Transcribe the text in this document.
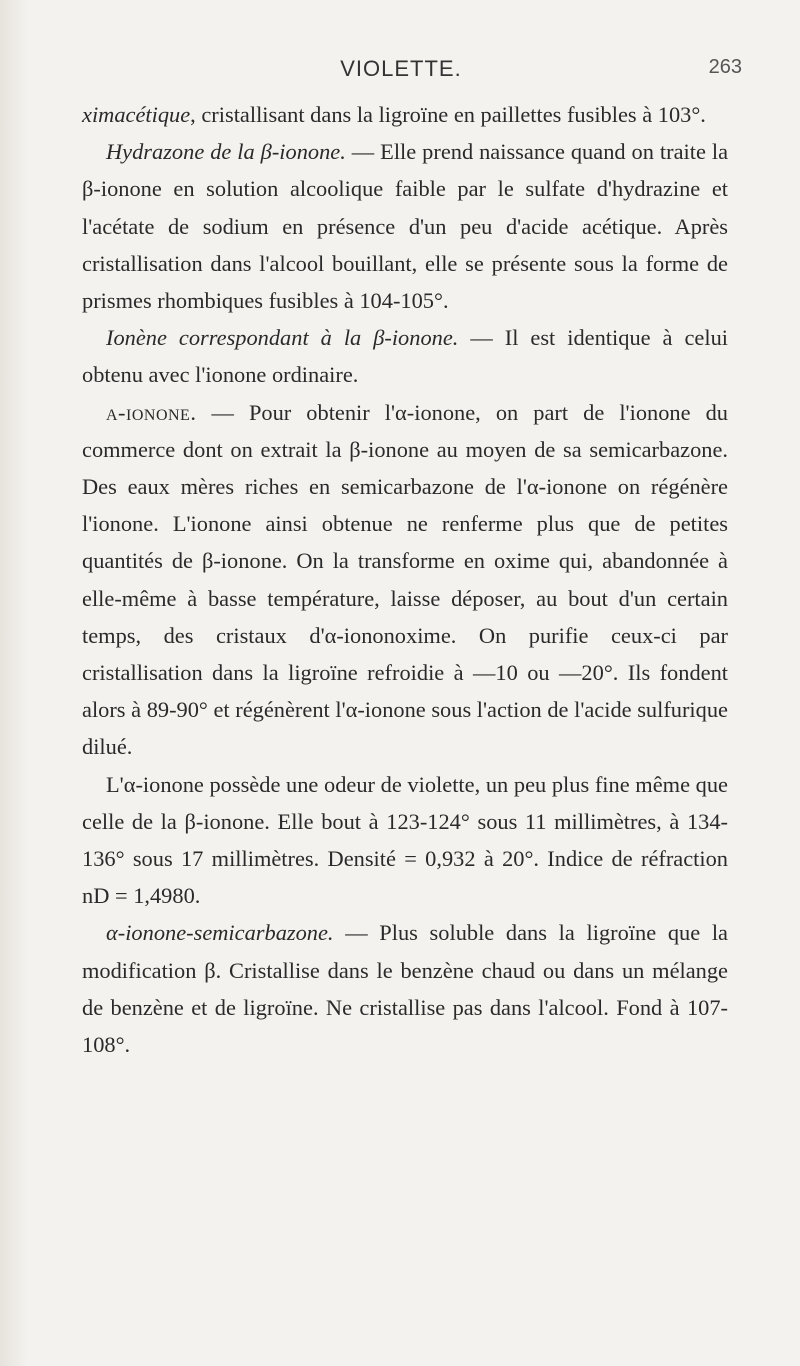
VIOLETTE.	263

ximacétique, cristallisant dans la ligroïne en paillettes fusibles à 103°.

Hydrazone de la β-ionone. — Elle prend naissance quand on traite la β-ionone en solution alcoolique faible par le sulfate d'hydrazine et l'acétate de sodium en présence d'un peu d'acide acétique. Après cristallisation dans l'alcool bouillant, elle se présente sous la forme de prismes rhombiques fusibles à 104-105°.

Ionène correspondant à la β-ionone. — Il est identique à celui obtenu avec l'ionone ordinaire.

α-ionone. — Pour obtenir l'α-ionone, on part de l'ionone du commerce dont on extrait la β-ionone au moyen de sa semicarbazone. Des eaux mères riches en semicarbazone de l'α-ionone on régénère l'ionone. L'ionone ainsi obtenue ne renferme plus que de petites quantités de β-ionone. On la transforme en oxime qui, abandonnée à elle-même à basse température, laisse déposer, au bout d'un certain temps, des cristaux d'α-iononoxime. On purifie ceux-ci par cristallisation dans la ligroïne refroidie à —10 ou —20°. Ils fondent alors à 89-90° et régénèrent l'α-ionone sous l'action de l'acide sulfurique dilué.

L'α-ionone possède une odeur de violette, un peu plus fine même que celle de la β-ionone. Elle bout à 123-124° sous 11 millimètres, à 134-136° sous 17 millimètres. Densité = 0,932 à 20°. Indice de réfraction nD = 1,4980.

α-ionone-semicarbazone. — Plus soluble dans la ligroïne que la modification β. Cristallise dans le benzène chaud ou dans un mélange de benzène et de ligroïne. Ne cristallise pas dans l'alcool. Fond à 107-108°.
